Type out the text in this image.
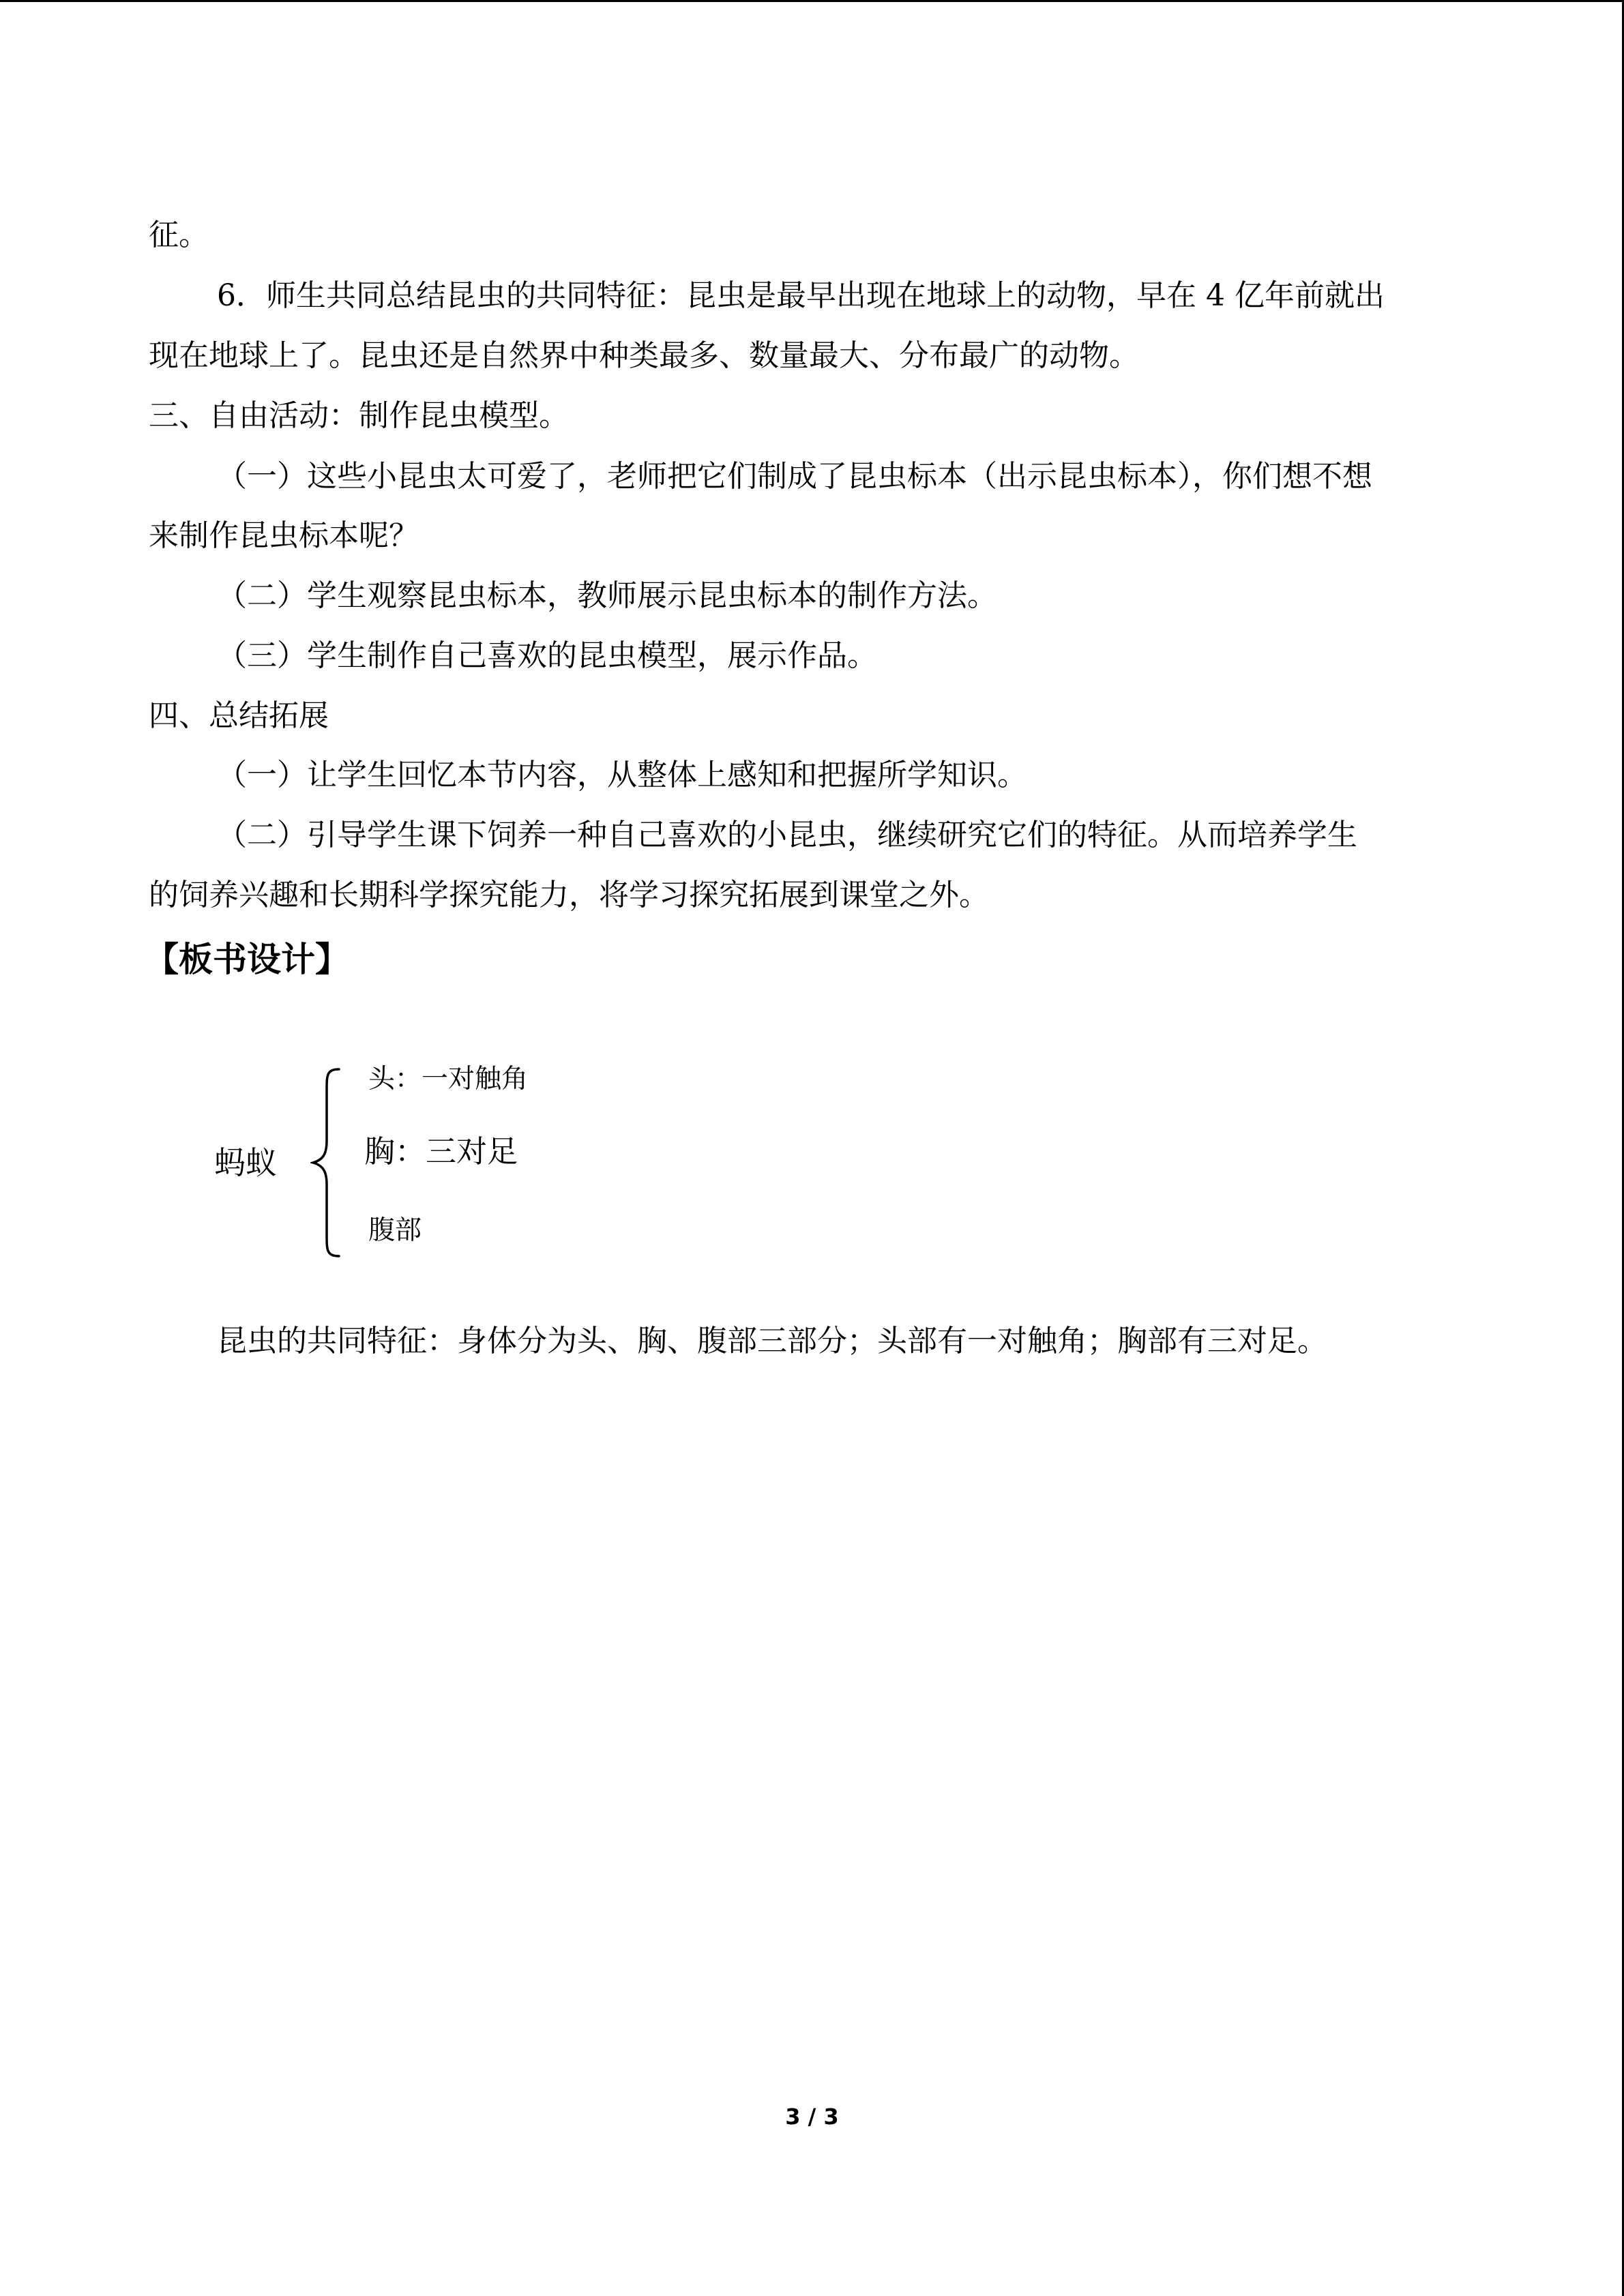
征。
6．师生共同总结昆虫的共同特征：昆虫是最早出现在地球上的动物，早在 4 亿年前就出
现在地球上了。昆虫还是自然界中种类最多、数量最大、分布最广的动物。
三、自由活动：制作昆虫模型。
（一）这些小昆虫太可爱了，老师把它们制成了昆虫标本（出示昆虫标本），你们想不想
来制作昆虫标本呢？
（二）学生观察昆虫标本，教师展示昆虫标本的制作方法。
（三）学生制作自己喜欢的昆虫模型，展示作品。
四、总结拓展
（一）让学生回忆本节内容，从整体上感知和把握所学知识。
（二）引导学生课下饲养一种自己喜欢的小昆虫，继续研究它们的特征。从而培养学生
的饲养兴趣和长期科学探究能力，将学习探究拓展到课堂之外。
【板书设计】
蚂蚁
头：一对触角
胸：三对足
腹部
昆虫的共同特征：身体分为头、胸、腹部三部分；头部有一对触角；胸部有三对足。
3 / 3
